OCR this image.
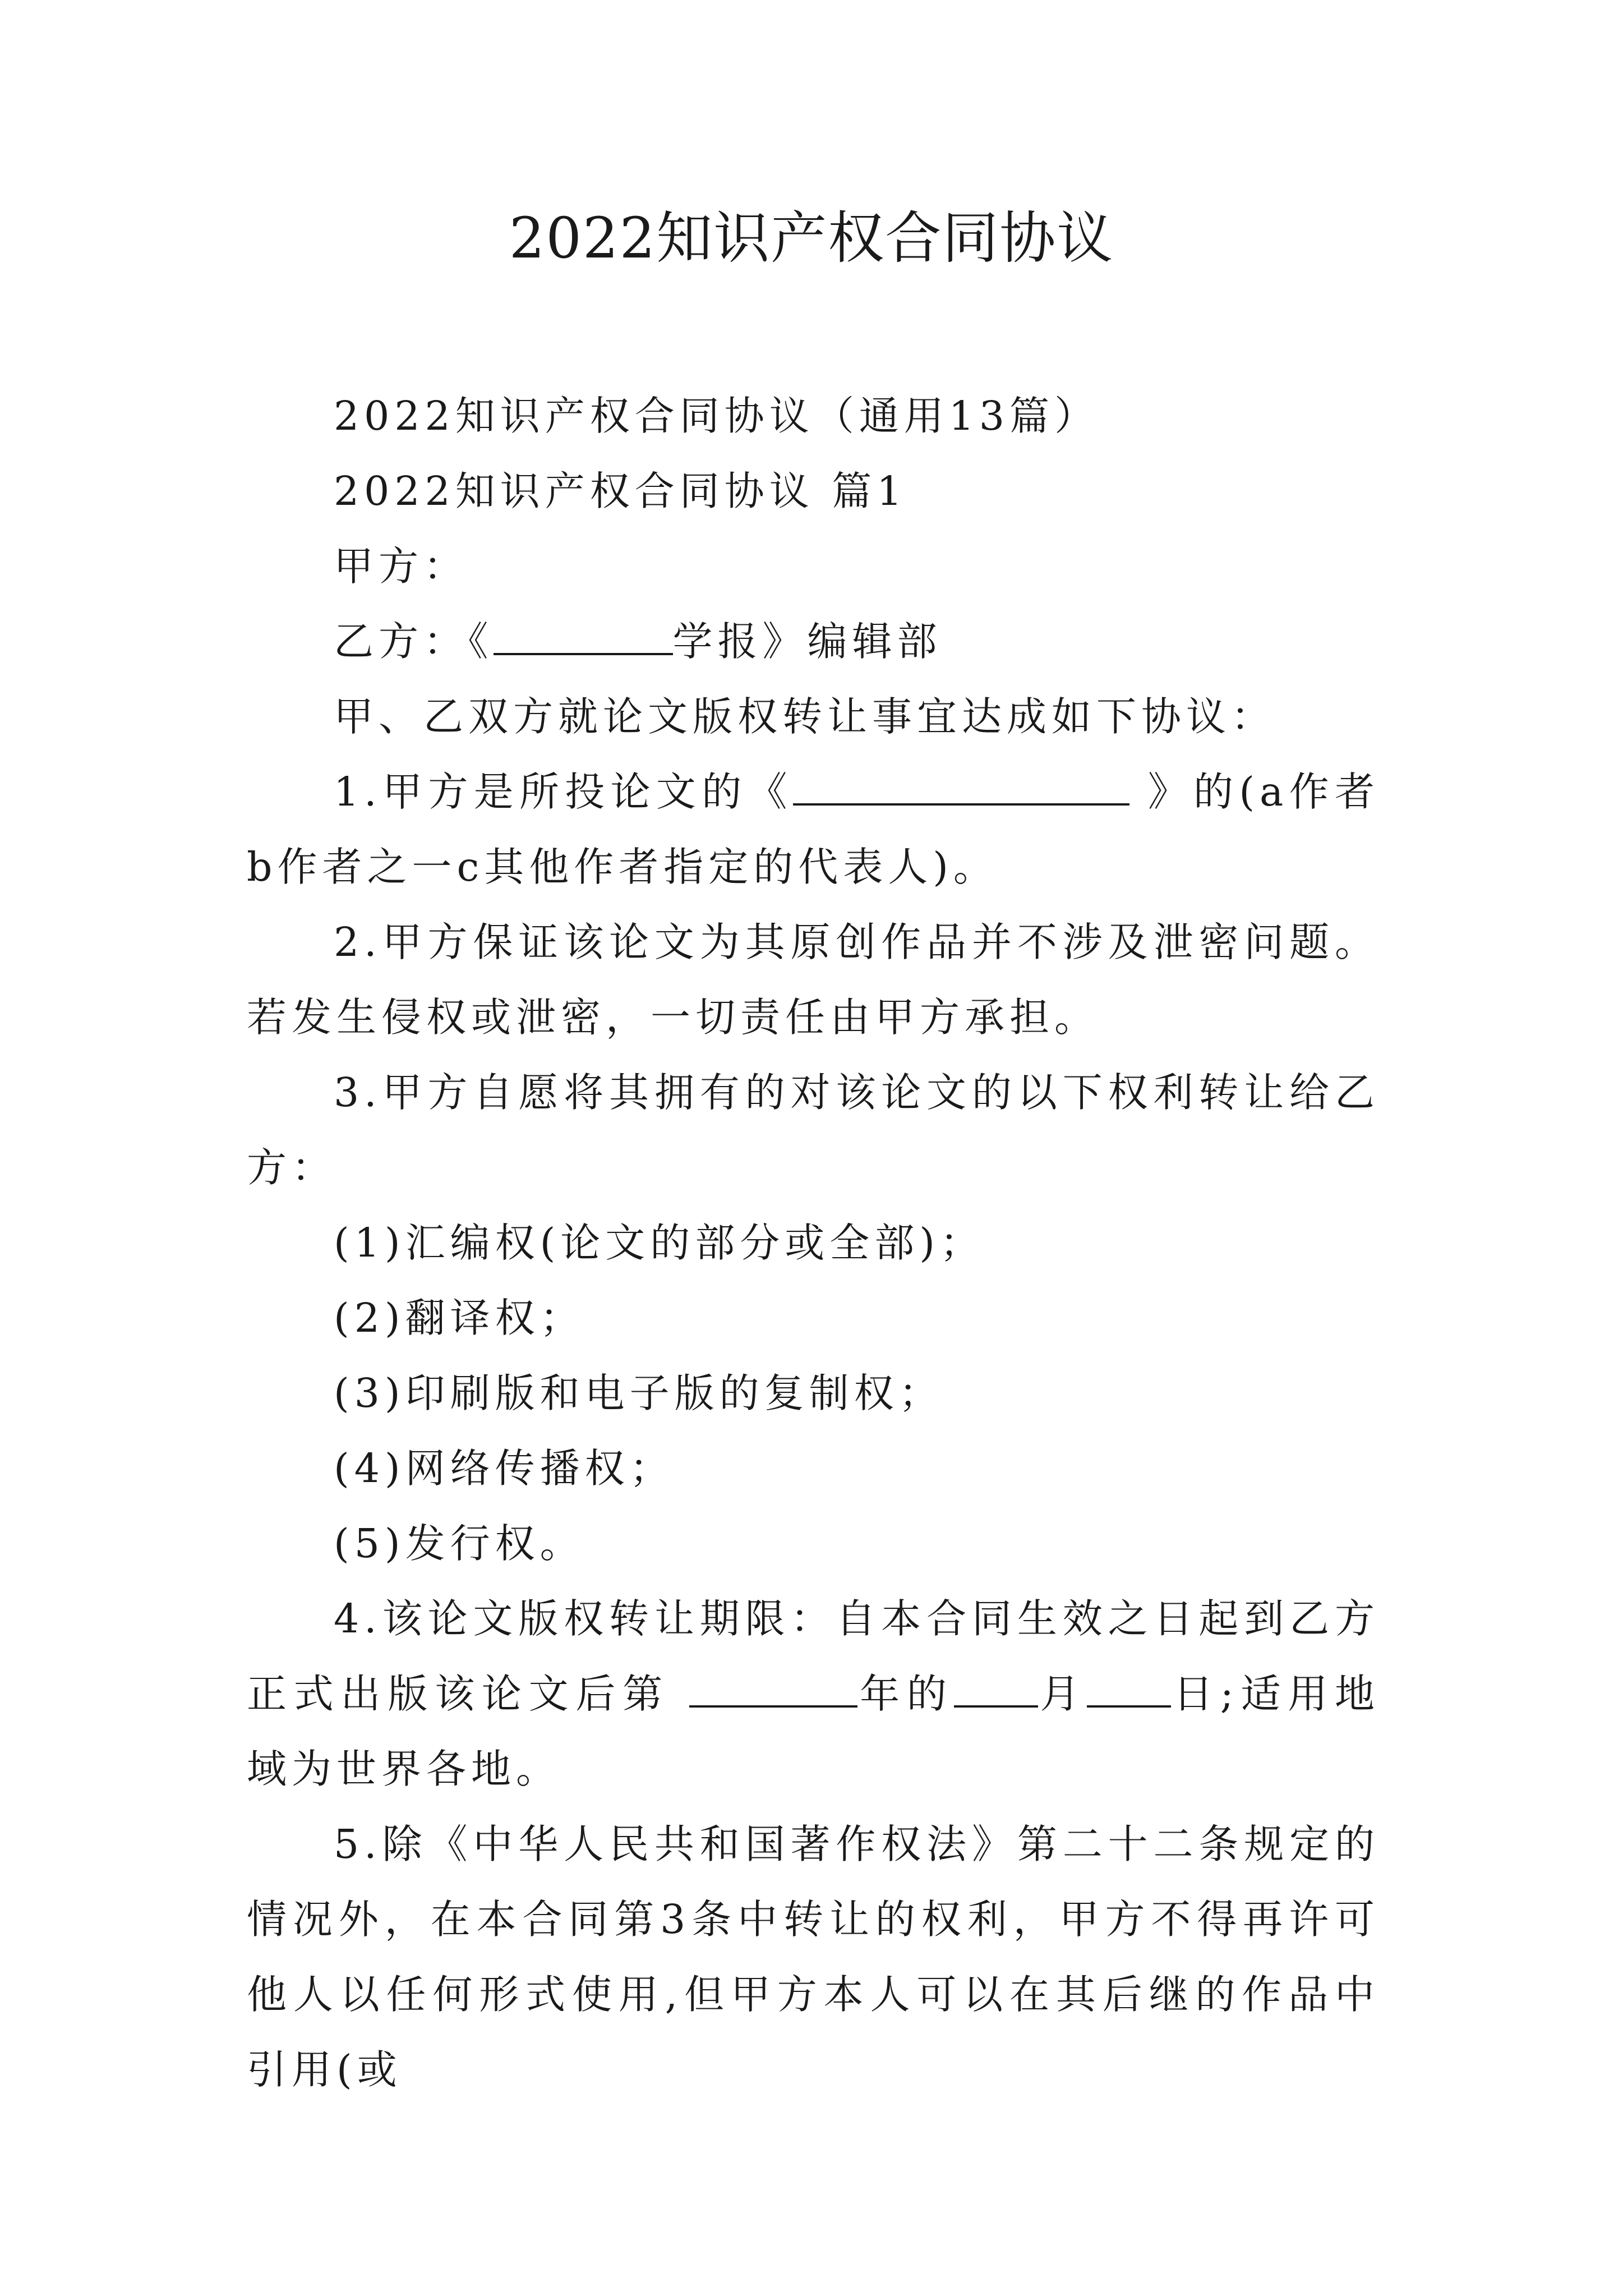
2022知识产权合同协议

2022知识产权合同协议（通用13篇）

2022知识产权合同协议 篇1

甲方：

乙方：《	学报》编辑部

甲、乙双方就论文版权转让事宜达成如下协议：

1.甲方是所投论文的《	》的(a作者b作者之一c其他作者指定的代表人)。

2.甲方保证该论文为其原创作品并不涉及泄密问题。若发生侵权或泄密，一切责任由甲方承担。

3.甲方自愿将其拥有的对该论文的以下权利转让给乙方：

(1)汇编权(论文的部分或全部)；

(2)翻译权；

(3)印刷版和电子版的复制权；

(4)网络传播权；

(5)发行权。

4.该论文版权转让期限：自本合同生效之日起到乙方正式出版该论文后第	年的 月 日;适用地域为世界各地。

5.除《中华人民共和国著作权法》第二十二条规定的情况外，在本合同第3条中转让的权利，甲方不得再许可他人以任何形式使用,但甲方本人可以在其后继的作品中引用(或
